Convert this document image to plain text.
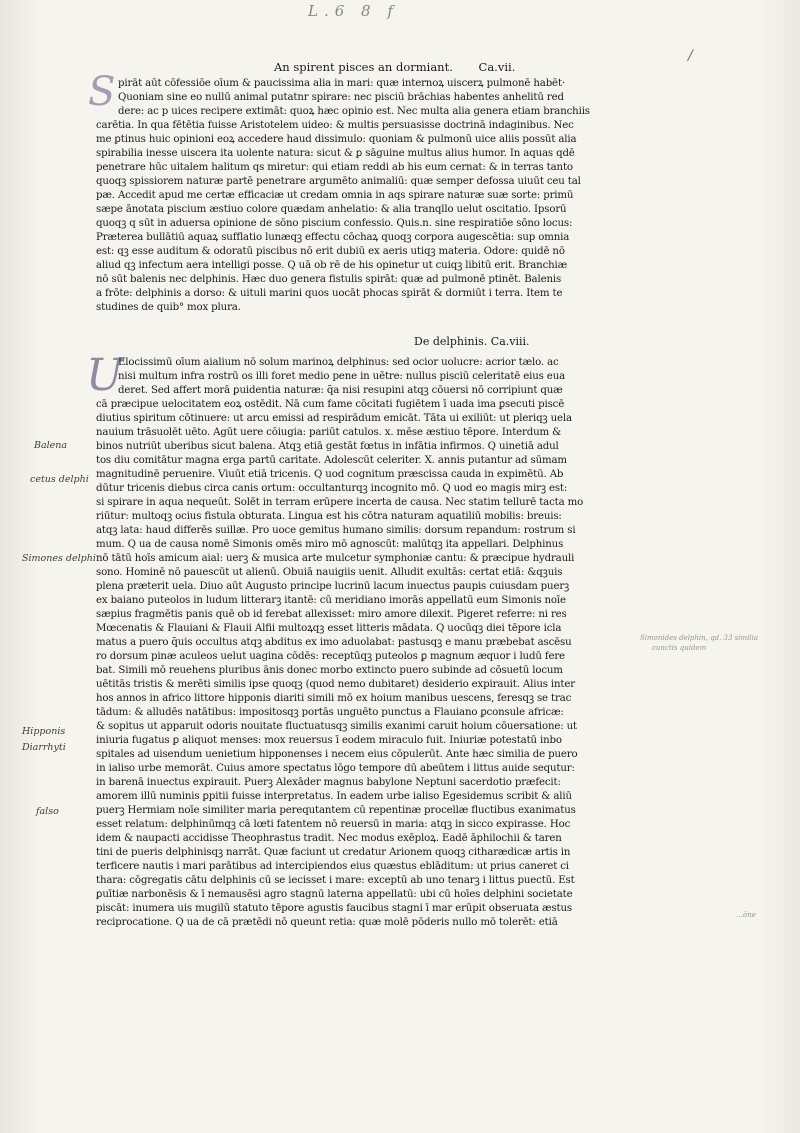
L.6 8 f
/
An spirent pisces an dormiant. Ca.vii.
S pirāt aūt cōfessiōe oīum & paucissima alia in mari: quæ internoꝝ uiscerꝝ pulmonē habēt·
Quoniam sine eo nullū animal putatnr spirare: nec pisciū brāchias habentes anhelitū red
dere: ac p uices recipere extimāt: quoꝝ hæc opinio est. Nec multa alia genera etiam branchiis
carētia. In qua fētētia fuisse Aristotelem uideo: & multis persuasisse doctrinā indaginibus. Nec
me ꝑtinus huic opinioni eoꝝ accedere haud dissimulo: quoniam & pulmonū uice aliis possūt alia
spirabilia inesse uiscera ita uolente natura: sicut & ꝑ sāguine multus alius humor. In aquas qdē
penetrare hūc uitalem halitum qs miretur: qui etiam reddi ab his eum cernat: & in terras tanto
quoqꝫ spissiorem naturæ partē penetrare argumēto animaliū: quæ semper defossa uiuūt ceu tal
pæ. Accedit apud me certæ efficaciæ ut credam omnia in aqs spirare naturæ suæ sorte: primū
sæpe ānotata piscium æstiuo colore quædam anhelatio: & alia tranqllo uelut oscitatio. Ipsorū
quoqꝫ q sūt in aduersa opinione de sōno piscium confessio. Quis.n. sine respiratiōe sōno locus:
Præterea bullātiū aquaꝝ sufflatio lunæqꝫ effectu cōchaꝝ quoqꝫ corpora augescētia: sup omnia
est: qꝫ esse auditum & odoratū piscibus nō erit dubiū ex aeris utiqꝫ materia. Odore: quidē nō
aliud qꝫ infectum aera intelligi posse. Q uā ob rē de his opinetur ut cuiqꝫ libitū erit. Branchiæ
nō sūt balenis nec delphinis. Hæc duo genera fistulis spirāt: quæ ad pulmonē ptinēt. Balenis
a frōte: delphinis a dorso: & uituli marini quos uocāt phocas spirāt & dormiūt i terra. Item te
studines de quib° mox plura.
De delphinis. Ca.viii.
U
Elocissimū oīum aialium nō solum marinoꝝ delphinus: sed ocior uolucre: acrior tælo. ac
nisi multum infra rostrū os illi foret medio pene in uētre: nullus pisciū celeritatē eius eua
deret. Sed affert morā ꝑuidentia naturæ: q̄a nisi resupini atqꝫ cōuersi nō corripiunt quæ
cā præcipue uelocitatem eoꝝ ostēdit. Nā cum fame cōcitati fugiētem ī uada ima ꝑsecuti piscē
diutius spiritum cōtinuere: ut arcu emissi ad respirādum emicāt. Tāta ui exiliūt: ut pleriqꝫ uela
nauium trāsuolēt uēto. Agūt uere cōiugia: pariūt catulos. x. mēse æstiuo tēpore. Interdum &
binos nutriūt uberibus sicut balena. Atqꝫ etiā gestāt fœtus in infātia infirmos. Q uinetiā adul
tos diu comitātur magna erga partū caritate. Adolescūt celeriter. X. annis putantur ad sūmam
magnitudinē peruenire. Viuūt etiā tricenis. Q uod cognitum præscissa cauda in expimētū. Ab
dūtur tricenis diebus circa canis ortum: occultanturqꝫ incognito mō. Q uod eo magis mirꝫ est:
si spirare in aqua nequeūt. Solēt in terram erūpere incerta de causa. Nec statim tellurē tacta mo
riūtur: multoqꝫ ocius fistula obturata. Lingua est his cōtra naturam aquatiliū mobilis: breuis:
atqꝫ lata: haud differēs suillæ. Pro uoce gemitus humano similis: dorsum repandum: rostrum si
mum. Q ua de causa nomē Simonis omēs miro mō agnoscūt: malūtqꝫ ita appellari. Delphinus
nō tātū hoīs amicum aial: uerꝫ & musica arte mulcetur symphoniæ cantu: & præcipue hydrauli
sono. Hominē nō pauescūt ut alienū. Obuiā nauigiis uenit. Alludit exultās: certat etiā: &qꝫuis
plena præterit uela. Diuo aūt Augusto principe lucrinū lacum inuectus paupis cuiusdam puerꝫ
ex baiano puteolos in ludum litterarꝫ itantē: cū meridiano imorās appellatū eum Simonis noīe
sæpius fragmētis panis quē ob id ferebat allexisset: miro amore dilexit. Pigeret referre: ni res
Mœcenatis & Flauiani & Flauii Alfii multoꝝqꝫ esset litteris mādata. Q uocūqꝫ diei tēpore icla
matus a puero q̄uis occultus atqꝫ abditus ex imo aduolabat: pastusqꝫ e manu præbebat ascēsu
ro dorsum pinæ aculeos uelut uagina cōdēs: receptūqꝫ puteolos ꝑ magnum æquor i ludū fere
bat. Simili mō reuehens pluribus ānis donec morbo extincto puero subinde ad cōsuetū locum
uētitās tristis & merēti similis ipse quoqꝫ (quod nemo dubitaret) desiderio expirauit. Alius inter
hos annos in africo littore hipponis diariti simili mō ex hoium manibus uescens, feresqꝫ se trac
tādum: & alludēs natātibus: impositosqꝫ portās unguēto punctus a Flauiano ꝑconsule africæ:
& sopitus ut apparuit odoris nouitate fluctuatusqꝫ similis exanimi caruit hoium cōuersatione: ut
iniuria fugatus ꝑ aliquot menses: mox reuersus ī eodem miraculo fuit. Iniuriæ potestatū inbo
spitales ad uisendum uenietium hipponenses i necem eius cōpulerūt. Ante hæc similia de puero
in ialiso urbe memorāt. Cuius amore spectatus lōgo tempore dū abeūtem i littus auide sequtur:
in barenā inuectus expirauit. Puerꝫ Alexāder magnus babylone Neptuni sacerdotio præfecit:
amorem illū numinis ꝑpitii fuisse interpretatus. In eadem urbe ialiso Egesidemus scribit & aliū
puerꝫ Hermiam noīe similiter maria perequtantem cū repentinæ procellæ fluctibus exanimatus
esset relatum: delphinūmqꝫ cā lœti fatentem nō reuersū in maria: atqꝫ in sicco expirasse. Hoc
idem & naupacti accidisse Theophrastus tradit. Nec modus exēploꝝ. Eadē āphilochii & taren
tini de pueris delphinisqꝫ narrāt. Quæ faciunt ut credatur Arionem quoqꝫ citharædicæ artis in
terficere nautis i mari parātibus ad intercipiendos eius quæstus eblāditum: ut prius caneret ci
thara: cōgregatis cātu delphinis cū se iecisset i mare: exceptū ab uno tenarꝫ i littus puectū. Est
ꝑuītiæ narbonēsis & ī nemausēsi agro stagnū laterna appellatū: ubi cū hoīes delphini societate
piscāt: inumera uis mugilū statuto tēpore agustis faucibus stagni ī mar erūpit obseruata æstus
reciprocatione. Q ua de cā prætēdi nō queunt retia: quæ molē pōderis nullo mō tolerēt: etiā
Balena
cetus delphi
Simones delphi
Hipponis
Diarrhyti
falso
Simonides delphin, qd. 33 similia
cunctis quidem
…ōne
